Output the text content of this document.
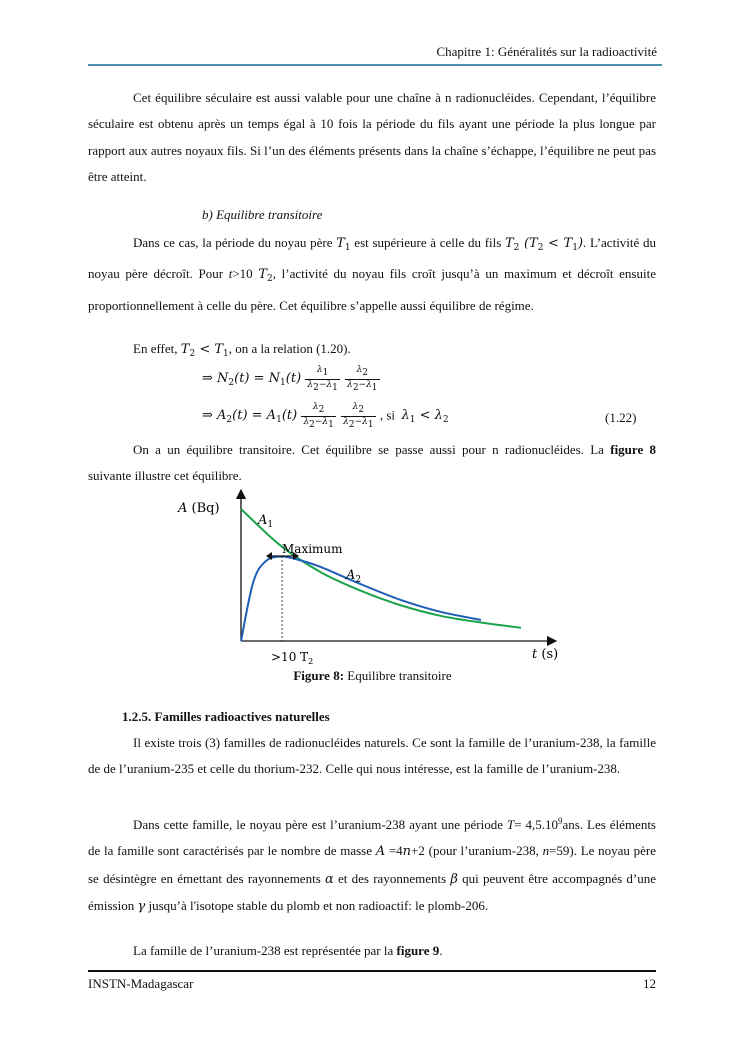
Chapitre 1: Généralités sur la radioactivité

Cet équilibre séculaire est aussi valable pour une chaîne à n radionucléides. Cependant, l’équilibre séculaire est obtenu après un temps égal à 10 fois la période du fils ayant une période la plus longue par rapport aux autres noyaux fils. Si l’un des éléments présents dans la chaîne s’échappe, l’équilibre ne peut pas être atteint.

b) Equilibre transitoire

Dans ce cas, la période du noyau père $T_1$ est supérieure à celle du fils $T_2$ $(T_2 < T_1)$. L’activité du noyau père décroît. Pour t>10 $T_2$, l’activité du noyau fils croît jusqu’à un maximum et décroît ensuite proportionnellement à celle du père. Cet équilibre s’appelle aussi équilibre de régime.

En effet, $T_2 < T_1$, on a la relation (1.20).

⇒ $N_2(t) = N_1(t) \frac{\lambda 1}{\lambda 2-\lambda 1}$
$\frac{\lambda 2}{\lambda 2-\lambda 1}$
⇒ $A_2(t) = A_1(t) \frac{\lambda 2}{\lambda 2-\lambda 1}$
$\frac{\lambda 2}{\lambda 2-\lambda 1}$ , si $\lambda_1 < \lambda_2$	(1.22)

On a un équilibre transitoire. Cet équilibre se passe aussi pour n radionucléides. La figure 8 suivante illustre cet équilibre.

A (Bq)
t (s)
Maximum
$A_1$
$A_2$
>10 $T_2$
Figure 8: Equilibre transitoire
1.2.5. Familles radioactives naturelles

Il existe trois (3) familles de radionucléides naturels. Ce sont la famille de l’uranium-238, la famille de de l’uranium-235 et celle du thorium-232. Celle qui nous intéresse, est la famille de l’uranium-238.

Dans cette famille, le noyau père est l’uranium-238 ayant une période $T= 4,5.10^9ans$. Les éléments de la famille sont caractérisés par le nombre de masse A =4n+2 (pour l’uranium-238, n=59). Le noyau père se désintègre en émettant des rayonnements α et des rayonnements β qui peuvent être accompagnés d’une émission γ jusqu’à l'isotope stable du plomb et non radioactif: le plomb-206.

La famille de l’uranium-238 est représentée par la figure 9.

INSTN-Madagascar	12
